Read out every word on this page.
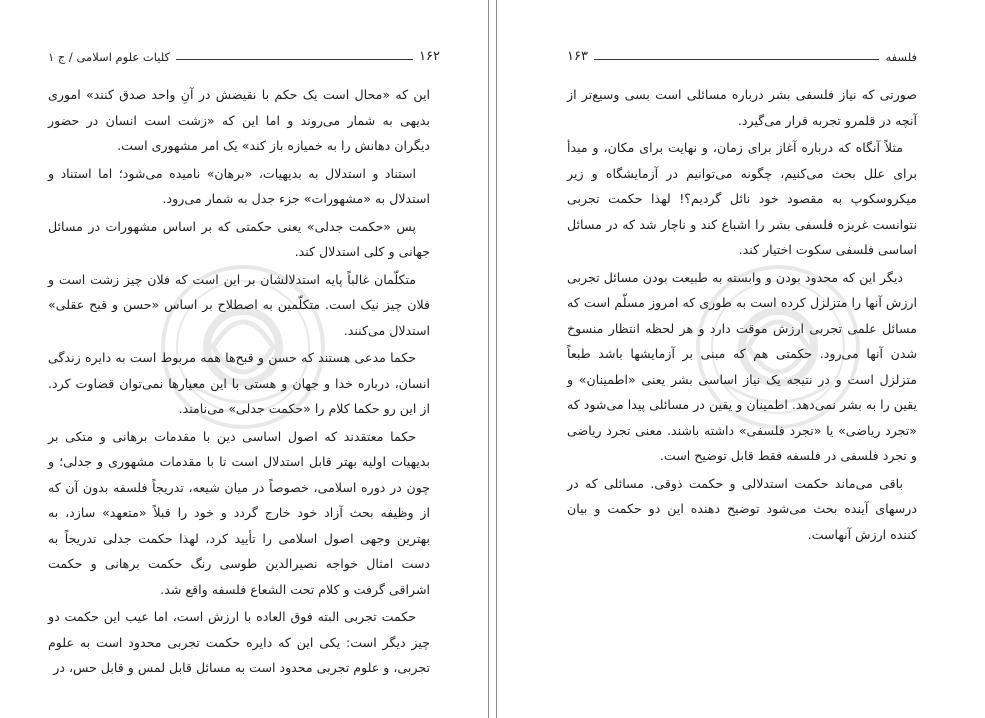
۱۶۲
کلیات علوم اسلامی / ج ۱

این که «محال است یک حکم با نقیضش در آنِ واحد صدق کنند» اموری بدیهی به شمار می‌روند و اما این که «زشت است انسان در حضور دیگران دهانش را به خمیازه باز کند» یک امر مشهوری است.

استناد و استدلال به بدیهیات، «برهان» نامیده می‌شود؛ اما استناد و استدلال به «مشهورات» جزء جدل به شمار می‌رود.

پس «حکمت جدلی» یعنی حکمتی که بر اساس مشهورات در مسائل جهانی و کلی استدلال کند.

متکلّمان غالباً پایه استدلالشان بر این است که فلان چیز زشت است و فلان چیز نیک است. متکلّمین به اصطلاح بر اساس «حسن و قبح عقلی» استدلال می‌کنند.

حکما مدعی هستند که حسن و قبح‌ها همه مربوط است به دایره زندگی انسان، درباره خدا و جهان و هستی با این معیارها نمی‌توان قضاوت کرد. از این رو حکما کلام را «حکمت جدلی» می‌نامند.

حکما معتقدند که اصول اساسی دین با مقدمات برهانی و متکی بر بدیهیات اولیه بهتر قابل استدلال است تا با مقدمات مشهوری و جدلی؛ و چون در دوره اسلامی، خصوصاً در میان شیعه، تدریجاً فلسفه بدون آن که از وظیفه بحث آزاد خود خارج گردد و خود را قبلاً «متعهد» سازد، به بهترین وجهی اصول اسلامی را تأیید کرد، لهذا حکمت جدلی تدریجاً به دست امثال خواجه نصیرالدین طوسی رنگ حکمت برهانی و حکمت اشراقی گرفت و کلام تحت الشعاع فلسفه واقع شد.

حکمت تجربی البته فوق العاده با ارزش است، اما عیب این حکمت دو چیز دیگر است: یکی این که دایره حکمت تجربی محدود است به علوم تجربی، و علوم تجربی محدود است به مسائل قابل لمس و قابل حس، در

فلسفه
۱۶۳

صورتی که نیاز فلسفی بشر درباره مسائلی است بسی وسیع‌تر از آنچه در قلمرو تجربه قرار می‌گیرد.

مثلاً آنگاه که درباره آغاز برای زمان، و نهایت برای مکان، و مبدأ برای علل بحث می‌کنیم، چگونه می‌توانیم در آزمایشگاه و زیر میکروسکوپ به مقصود خود نائل گردیم؟! لهذا حکمت تجربی نتوانست غریزه فلسفی بشر را اشباع کند و ناچار شد که در مسائل اساسی فلسفی سکوت اختیار کند.

دیگر این که محدود بودن و وابسته به طبیعت بودن مسائل تجربی ارزش آنها را متزلزل کرده است به طوری که امروز مسلّم است که مسائل علمی تجربی ارزش موقت دارد و هر لحظه انتظار منسوخ شدن آنها می‌رود. حکمتی هم که مبنی بر آزمایشها باشد طبعاً متزلزل است و در نتیجه یک نیاز اساسی بشر یعنی «اطمینان» و یقین را به بشر نمی‌دهد. اطمینان و یقین در مسائلی پیدا می‌شود که «تجرد ریاضی» یا «تجرد فلسفی» داشته باشند. معنی تجرد ریاضی و تجرد فلسفی در فلسفه فقط قابل توضیح است.

باقی می‌ماند حکمت استدلالی و حکمت ذوقی. مسائلی که در درسهای آینده بحث می‌شود توضیح دهنده این دو حکمت و بیان کننده ارزش آنهاست.
